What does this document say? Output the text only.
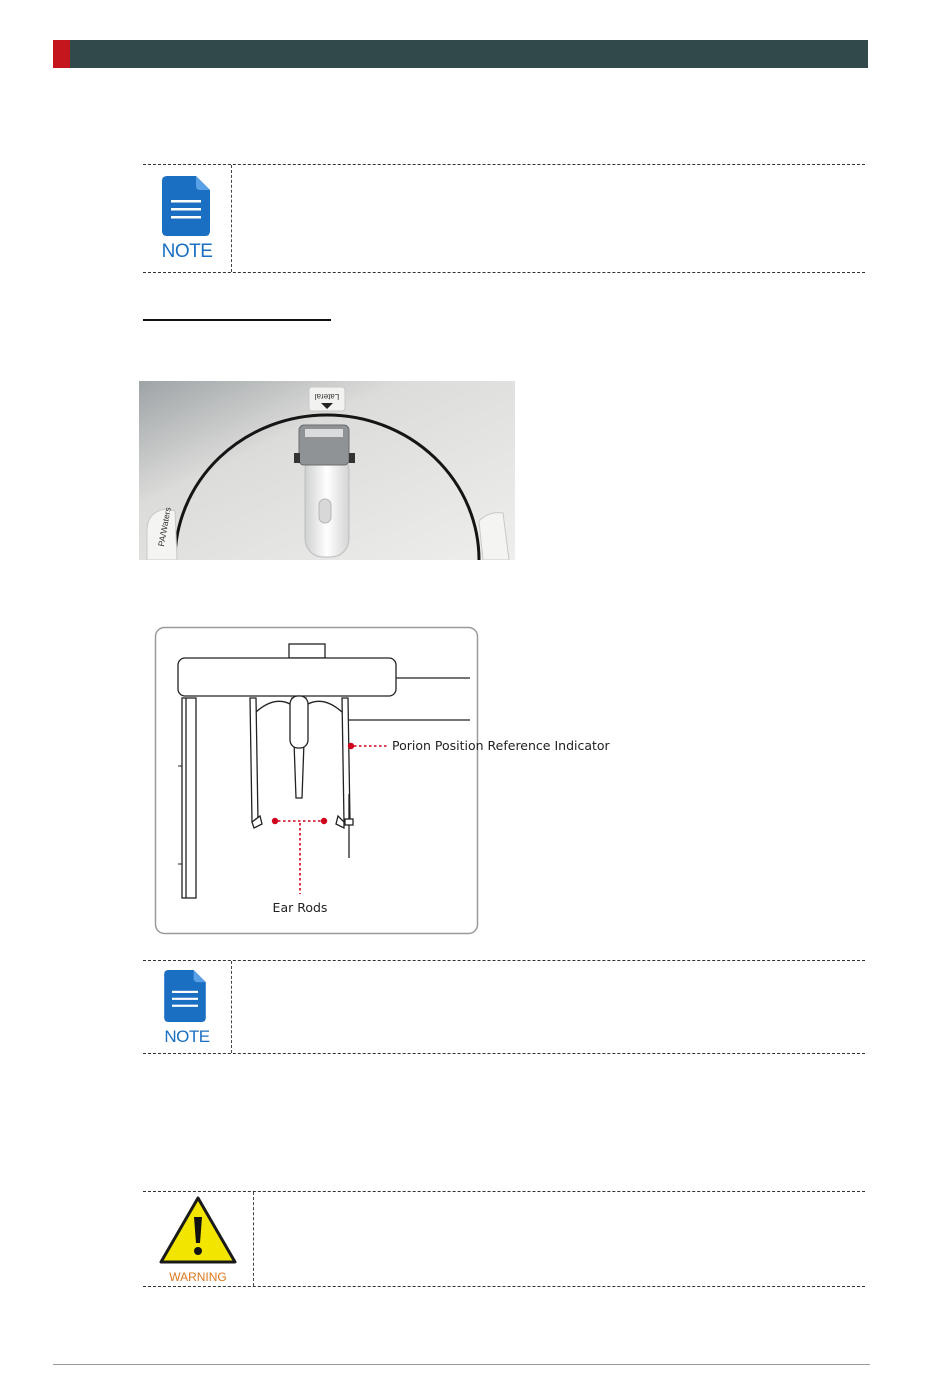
NOTE
Lateral
PA/Waters
Porion Position Reference Indicator
Ear Rods
NOTE
WARNING
